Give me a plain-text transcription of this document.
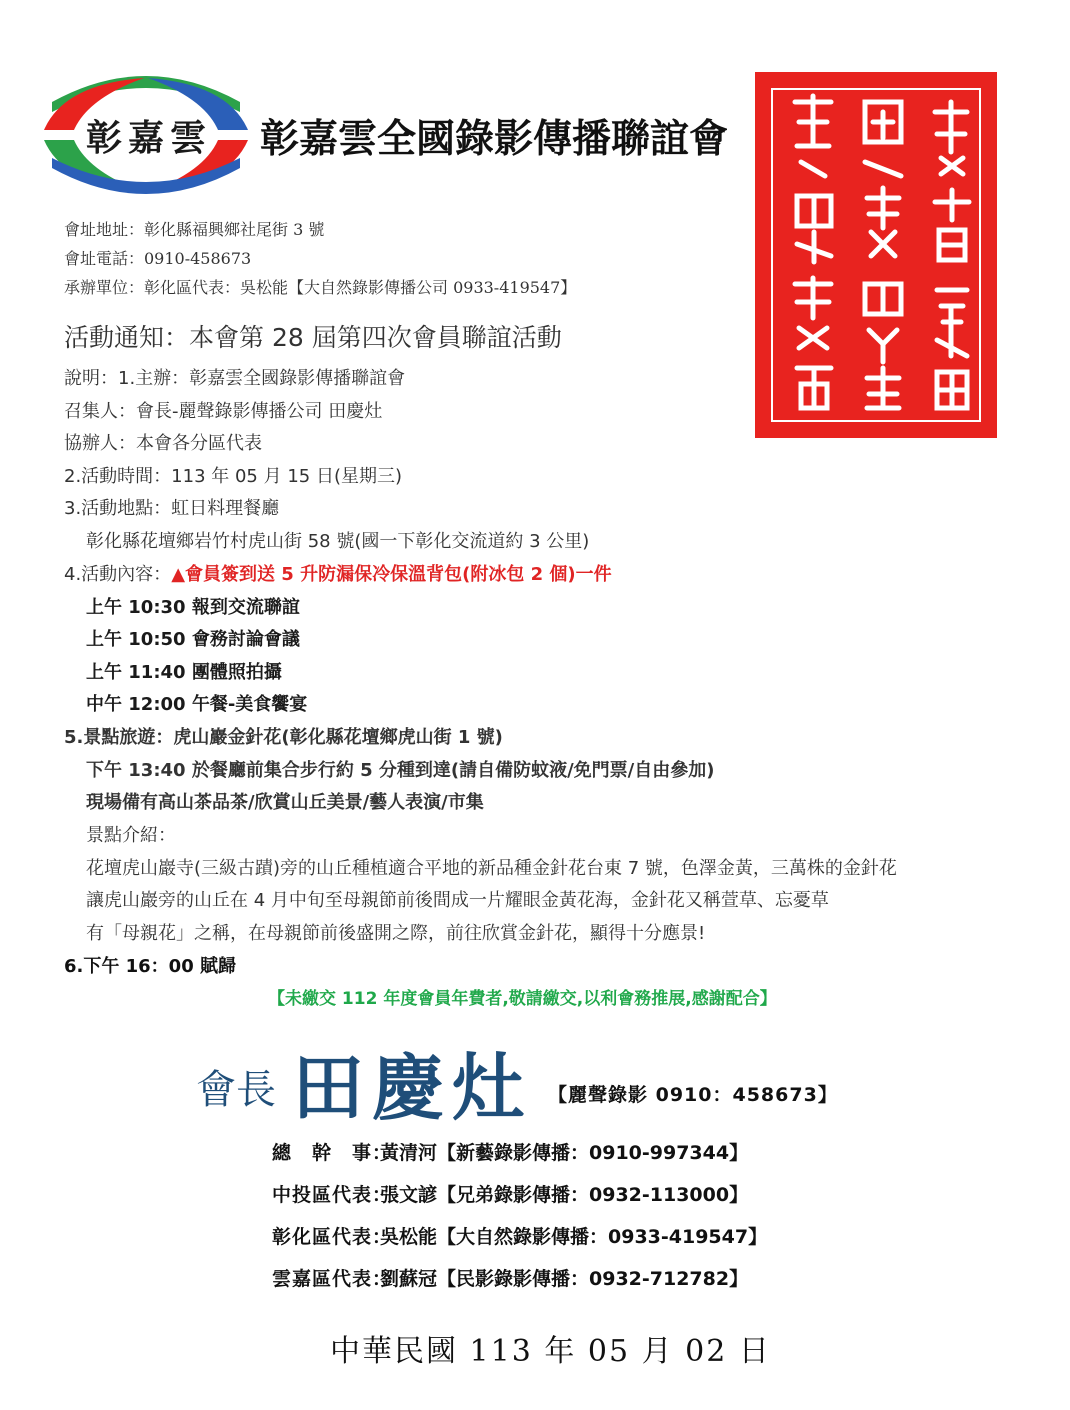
彰嘉雲	彰嘉雲全國錄影傳播聯誼會
會址地址：彰化縣福興鄉社尾街 3 號
會址電話：0910-458673
承辦單位：彰化區代表：吳松能【大自然錄影傳播公司 0933-419547】
活動通知：本會第 28 屆第四次會員聯誼活動
說明：1.主辦：彰嘉雲全國錄影傳播聯誼會
召集人：會長-麗聲錄影傳播公司 田慶灶
協辦人：本會各分區代表
2.活動時間：113 年 05 月 15 日(星期三)
3.活動地點：虹日料理餐廳
彰化縣花壇鄉岩竹村虎山街 58 號(國一下彰化交流道約 3 公里)
4.活動內容：▲會員簽到送 5 升防漏保冷保溫背包(附冰包 2 個)一件
上午 10:30 報到交流聯誼
上午 10:50 會務討論會議
上午 11:40 團體照拍攝
中午 12:00 午餐-美食饗宴
5.景點旅遊：虎山巖金針花(彰化縣花壇鄉虎山街 1 號)
下午 13:40 於餐廳前集合步行約 5 分種到達(請自備防蚊液/免門票/自由參加)
現場備有高山茶品茶/欣賞山丘美景/藝人表演/市集
景點介紹：
花壇虎山巖寺(三級古蹟)旁的山丘種植適合平地的新品種金針花台東 7 號，色澤金黃，三萬株的金針花
讓虎山巖旁的山丘在 4 月中旬至母親節前後間成一片耀眼金黃花海，金針花又稱萱草、忘憂草
有「母親花」之稱，在母親節前後盛開之際，前往欣賞金針花，顯得十分應景!
6.下午 16：00 賦歸
【未繳交 112 年度會員年費者,敬請繳交,以利會務推展,感謝配合】
會長 田慶灶 【麗聲錄影 0910：458673】
總　幹　事：黃清河【新藝錄影傳播：0910-997344】
中投區代表：張文諺【兄弟錄影傳播：0932-113000】
彰化區代表：吳松能【大自然錄影傳播：0933-419547】
雲嘉區代表：劉蘇冠【民影錄影傳播：0932-712782】
中華民國 113 年 05 月 02 日
